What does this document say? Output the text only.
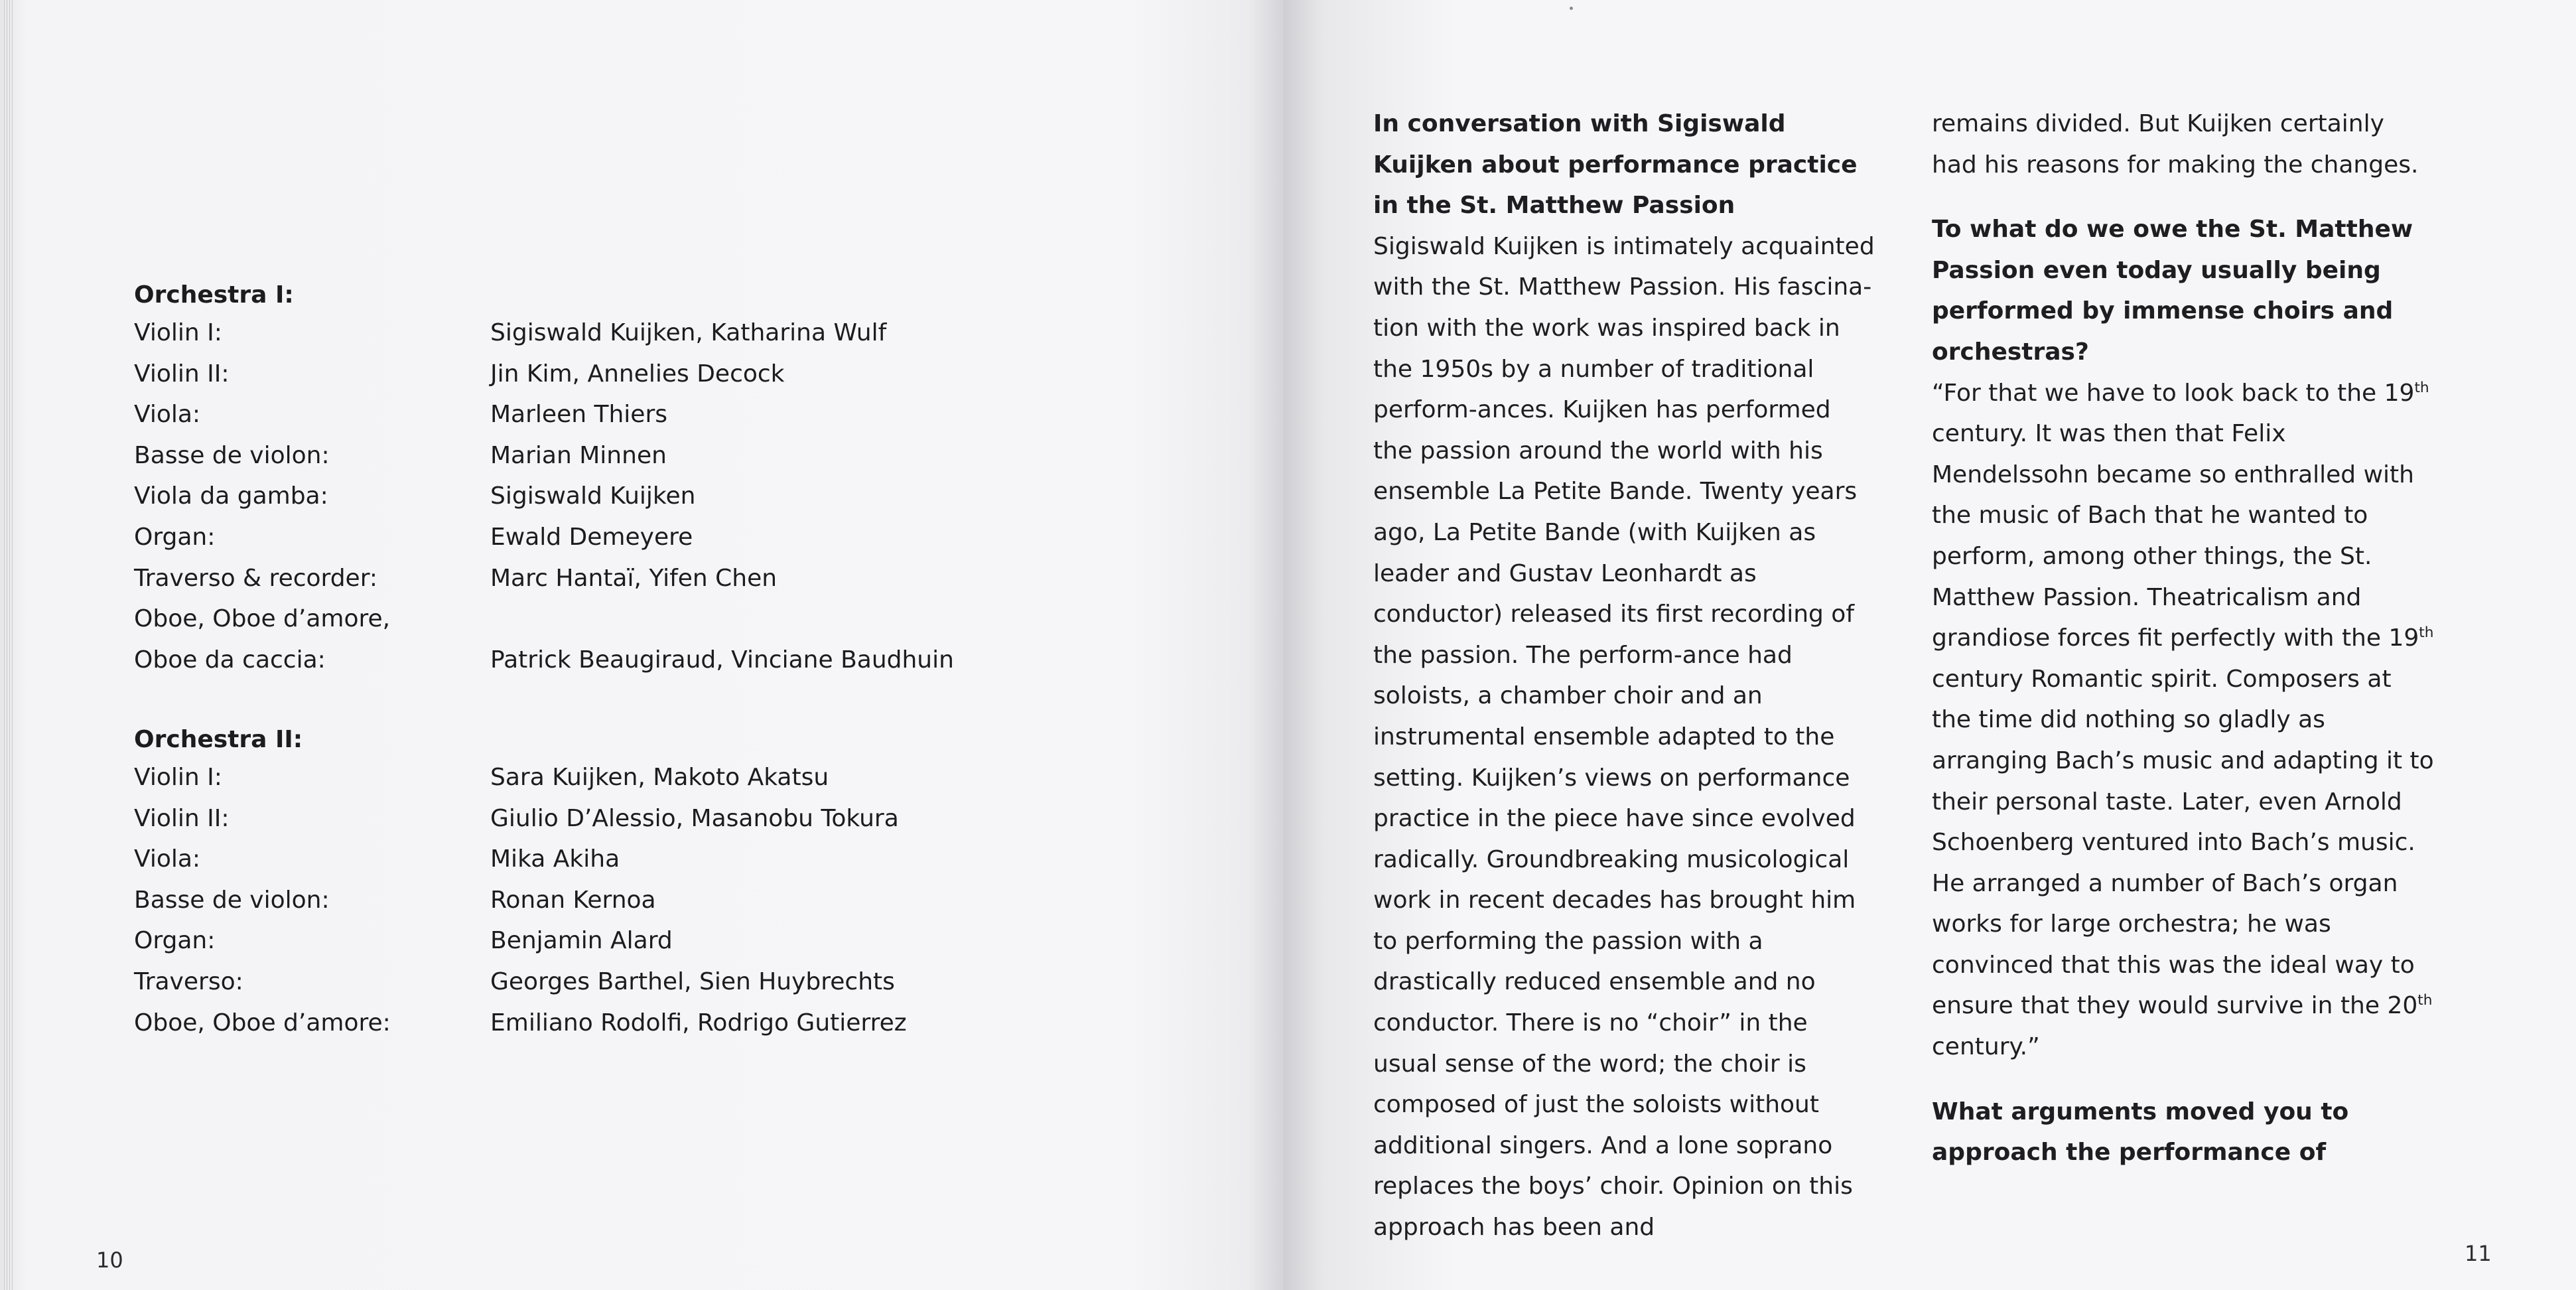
Orchestra I:
Violin I:	Sigiswald Kuijken, Katharina Wulf
Violin II:	Jin Kim, Annelies Decock
Viola:	Marleen Thiers
Basse de violon:	Marian Minnen
Viola da gamba:	Sigiswald Kuijken
Organ:	Ewald Demeyere
Traverso & recorder:	Marc Hantaï, Yifen Chen
Oboe, Oboe d’amore,
Oboe da caccia:	Patrick Beaugiraud, Vinciane Baudhuin
Orchestra II:
Violin I:	Sara Kuijken, Makoto Akatsu
Violin II:	Giulio D’Alessio, Masanobu Tokura
Viola:	Mika Akiha
Basse de violon:	Ronan Kernoa
Organ:	Benjamin Alard
Traverso:	Georges Barthel, Sien Huybrechts
Oboe, Oboe d’amore:	Emiliano Rodolfi, Rodrigo Gutierrez
10	11

In conversation with Sigiswald Kuijken about performance practice in the St. Matthew Passion

Sigiswald Kuijken is intimately acquainted with the St. Matthew Passion. His fascina-tion with the work was inspired back in the 1950s by a number of traditional perform-ances. Kuijken has performed the passion around the world with his ensemble La Petite Bande. Twenty years ago, La Petite Bande (with Kuijken as leader and Gustav Leonhardt as conductor) released its first recording of the passion. The perform-ance had soloists, a chamber choir and an instrumental ensemble adapted to the setting. Kuijken’s views on performance practice in the piece have since evolved radically. Groundbreaking musicological work in recent decades has brought him to performing the passion with a drastically reduced ensemble and no conductor. There is no “choir” in the usual sense of the word; the choir is composed of just the soloists without additional singers. And a lone soprano replaces the boys’ choir. Opinion on this approach has been and

remains divided. But Kuijken certainly had his reasons for making the changes.

To what do we owe the St. Matthew Passion even today usually being performed by immense choirs and orchestras?

“For that we have to look back to the 19th century. It was then that Felix Mendelssohn became so enthralled with the music of Bach that he wanted to perform, among other things, the St. Matthew Passion. Theatricalism and grandiose forces fit perfectly with the 19th century Romantic spirit. Composers at the time did nothing so gladly as arranging Bach’s music and adapting it to their personal taste. Later, even Arnold Schoenberg ventured into Bach’s music. He arranged a number of Bach’s organ works for large orchestra; he was convinced that this was the ideal way to ensure that they would survive in the 20th century.”

What arguments moved you to approach the performance of
